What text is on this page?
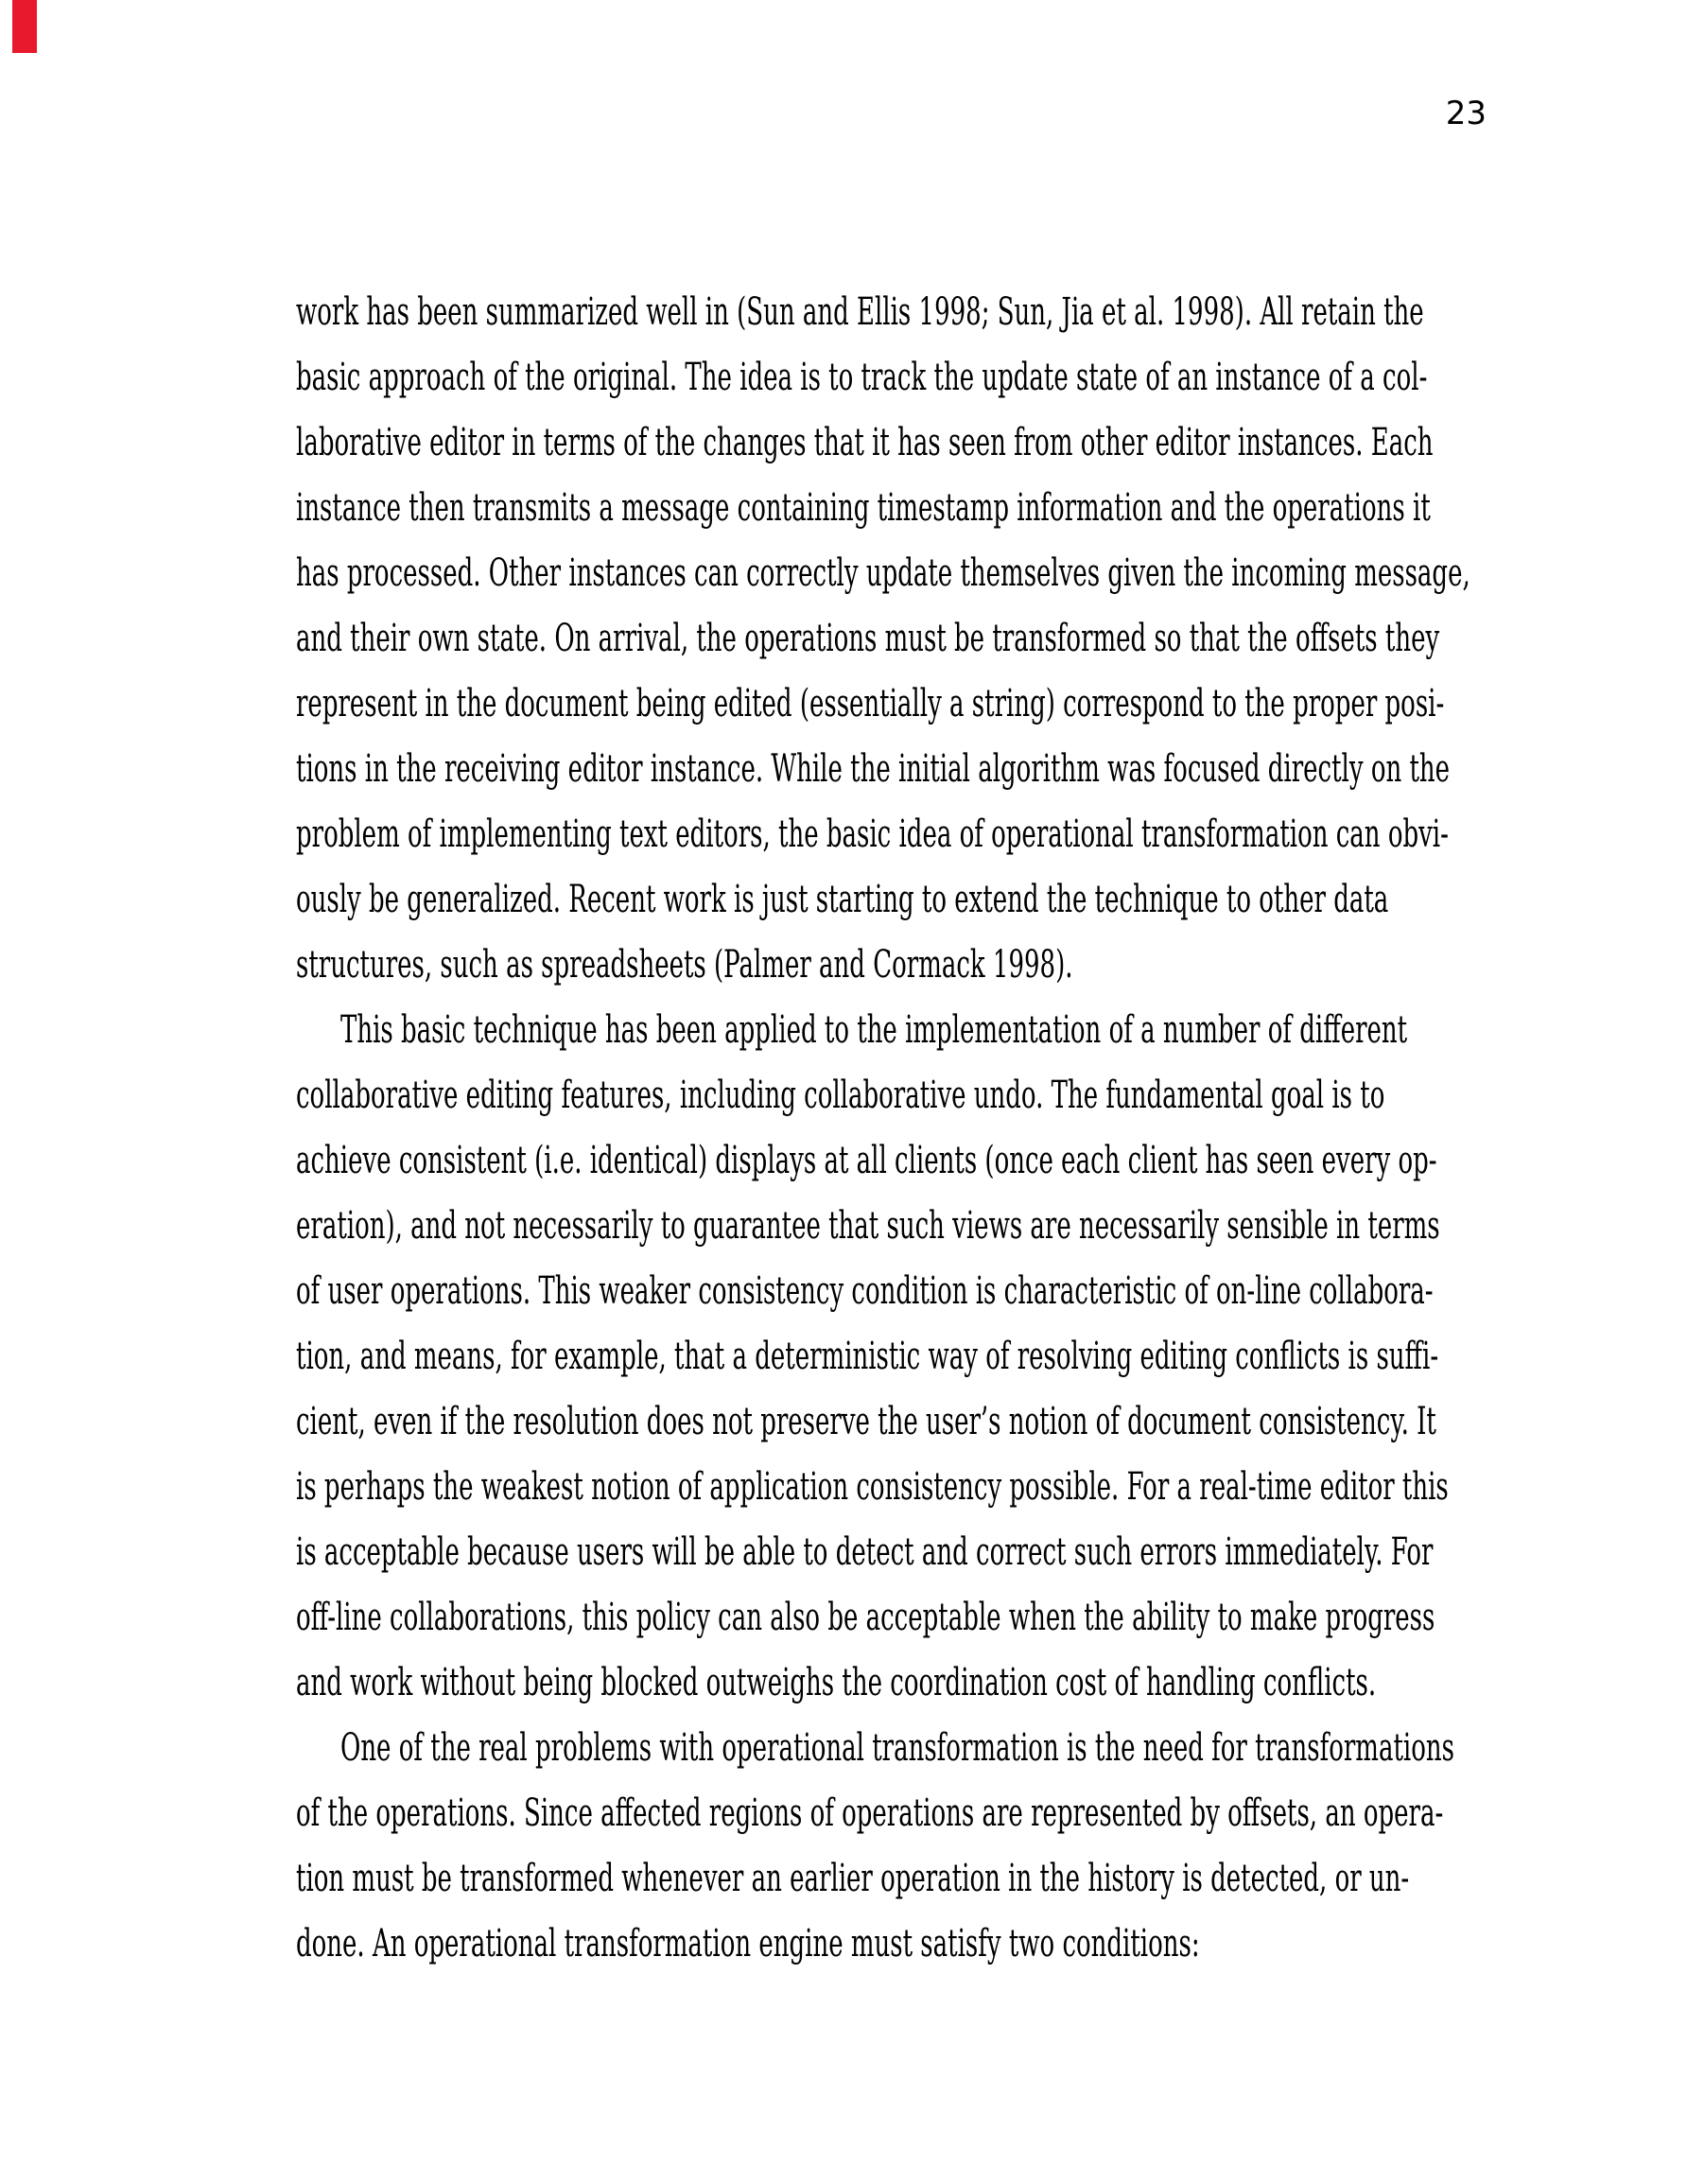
23
work has been summarized well in (Sun and Ellis 1998; Sun, Jia et al. 1998). All retain the
basic approach of the original. The idea is to track the update state of an instance of a col-
laborative editor in terms of the changes that it has seen from other editor instances. Each
instance then transmits a message containing timestamp information and the operations it
has processed. Other instances can correctly update themselves given the incoming message,
and their own state. On arrival, the operations must be transformed so that the offsets they
represent in the document being edited (essentially a string) correspond to the proper posi-
tions in the receiving editor instance. While the initial algorithm was focused directly on the
problem of implementing text editors, the basic idea of operational transformation can obvi-
ously be generalized. Recent work is just starting to extend the technique to other data
structures, such as spreadsheets (Palmer and Cormack 1998).
This basic technique has been applied to the implementation of a number of different
collaborative editing features, including collaborative undo. The fundamental goal is to
achieve consistent (i.e. identical) displays at all clients (once each client has seen every op-
eration), and not necessarily to guarantee that such views are necessarily sensible in terms
of user operations. This weaker consistency condition is characteristic of on-line collabora-
tion, and means, for example, that a deterministic way of resolving editing conflicts is suffi-
cient, even if the resolution does not preserve the user’s notion of document consistency. It
is perhaps the weakest notion of application consistency possible. For a real-time editor this
is acceptable because users will be able to detect and correct such errors immediately. For
off-line collaborations, this policy can also be acceptable when the ability to make progress
and work without being blocked outweighs the coordination cost of handling conflicts.
One of the real problems with operational transformation is the need for transformations
of the operations. Since affected regions of operations are represented by offsets, an opera-
tion must be transformed whenever an earlier operation in the history is detected, or un-
done. An operational transformation engine must satisfy two conditions:
